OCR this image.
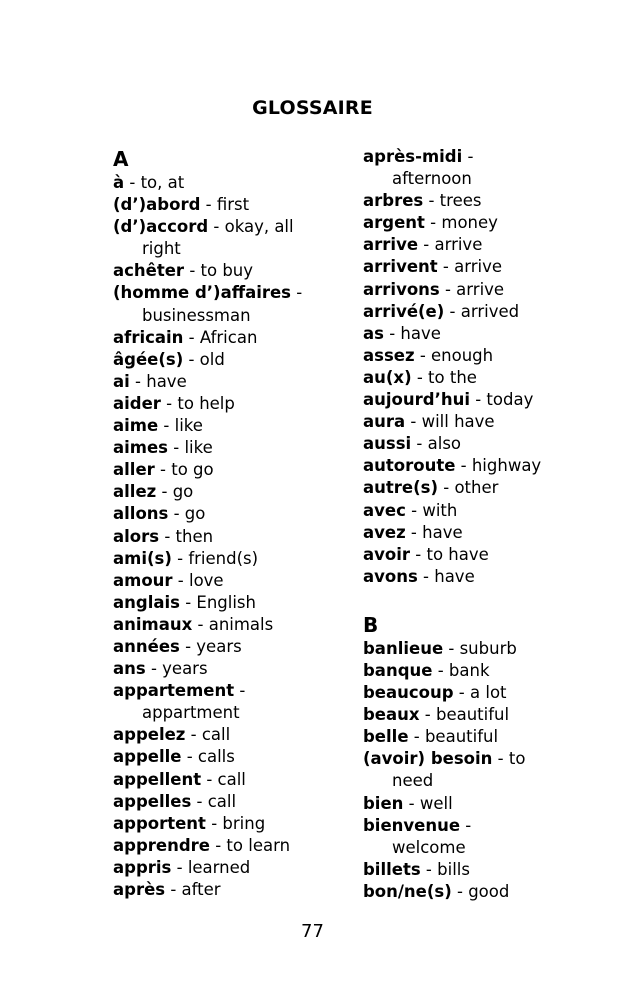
GLOSSAIRE
A
à - to, at
(d’)abord - first
(d’)accord - okay, all
right
achêter - to buy
(homme d’)affaires -
businessman
africain - African
âgée(s) - old
ai - have
aider - to help
aime - like
aimes - like
aller - to go
allez - go
allons - go
alors - then
ami(s) - friend(s)
amour - love
anglais - English
animaux - animals
années - years
ans - years
appartement -
appartment
appelez - call
appelle - calls
appellent - call
appelles - call
apportent - bring
apprendre - to learn
appris - learned
après - after
après-midi -
afternoon
arbres - trees
argent - money
arrive - arrive
arrivent - arrive
arrivons - arrive
arrivé(e) - arrived
as - have
assez - enough
au(x) - to the
aujourd’hui - today
aura - will have
aussi - also
autoroute - highway
autre(s) - other
avec - with
avez - have
avoir - to have
avons - have
B
banlieue - suburb
banque - bank
beaucoup - a lot
beaux - beautiful
belle - beautiful
(avoir) besoin - to
need
bien - well
bienvenue -
welcome
billets - bills
bon/ne(s) - good
77
